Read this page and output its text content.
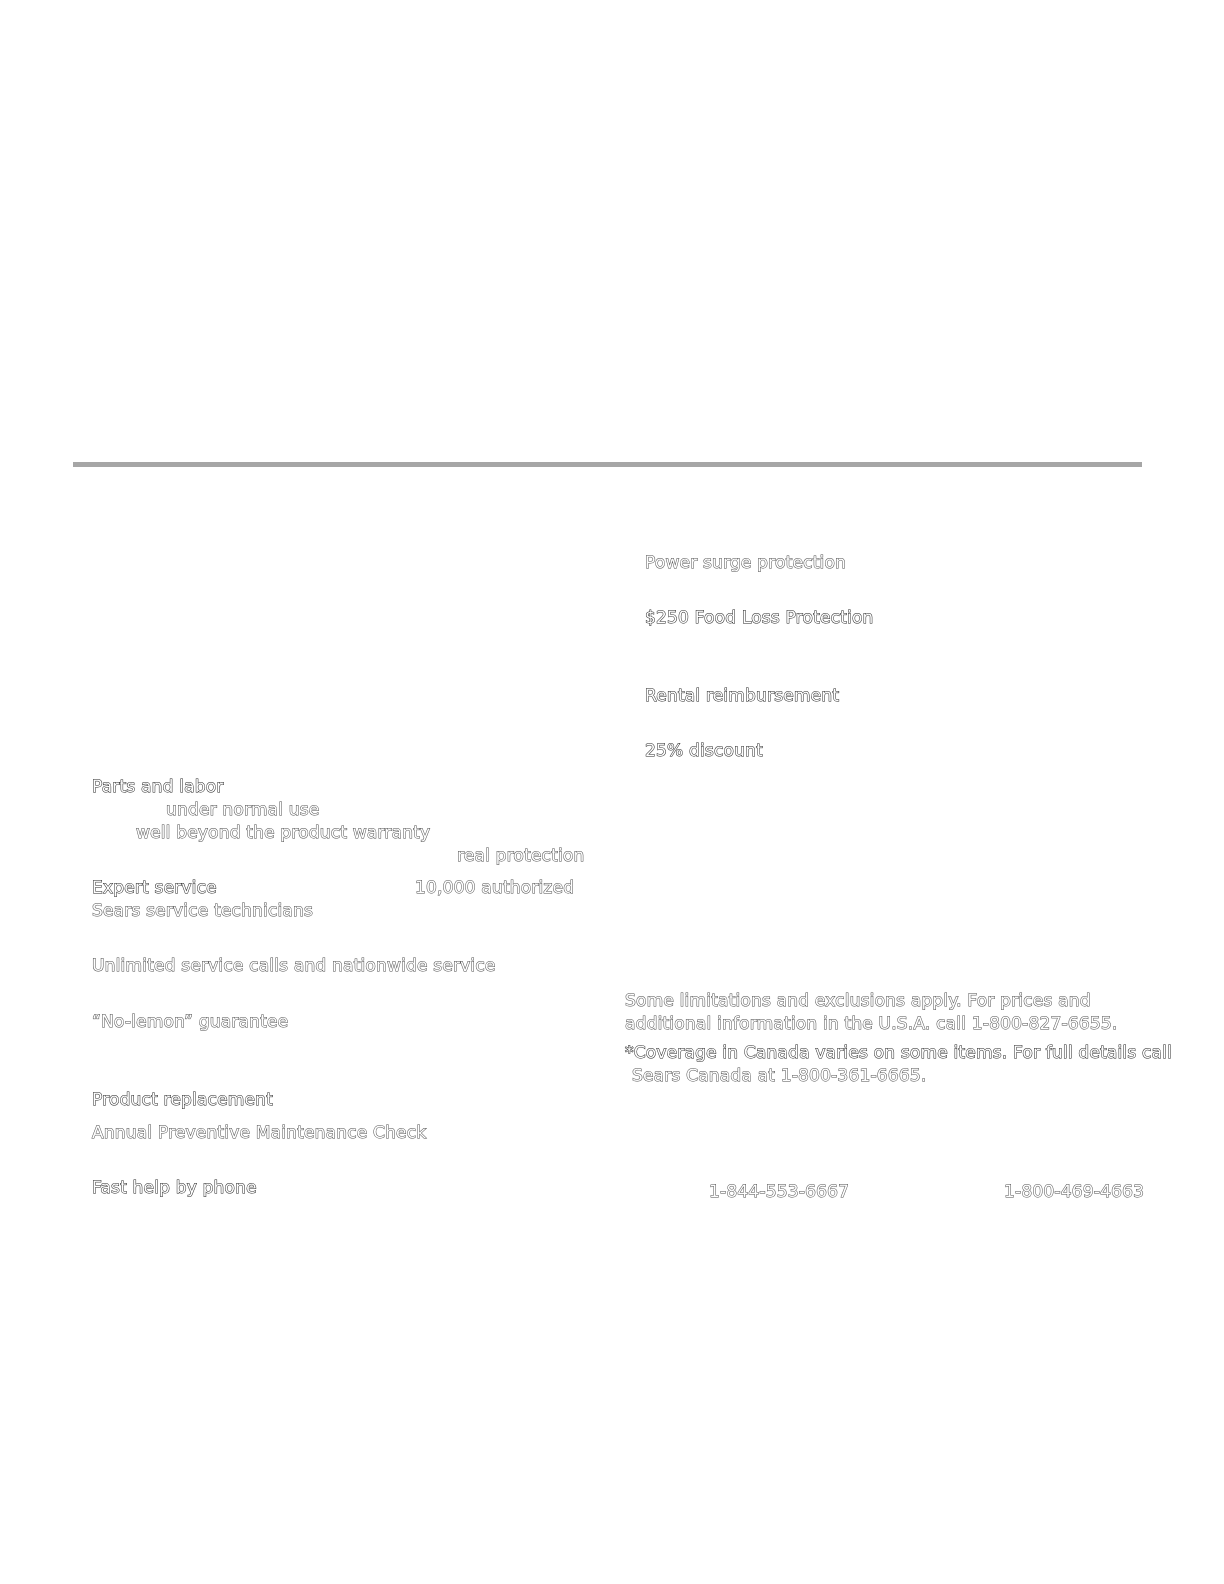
Parts and labor
under normal use
well beyond the product warranty
real protection
Expert service	10,000 authorized
Sears service technicians
Unlimited service calls and nationwide service
“No-lemon” guarantee
Product replacement
Annual Preventive Maintenance Check
Fast help by phone
Power surge protection
$250 Food Loss Protection
Rental reimbursement
25% discount
Some limitations and exclusions apply. For prices and
additional information in the U.S.A. call 1-800-827-6655.
*Coverage in Canada varies on some items. For full details call
Sears Canada at 1-800-361-6665.
1-844-553-6667	1-800-469-4663
